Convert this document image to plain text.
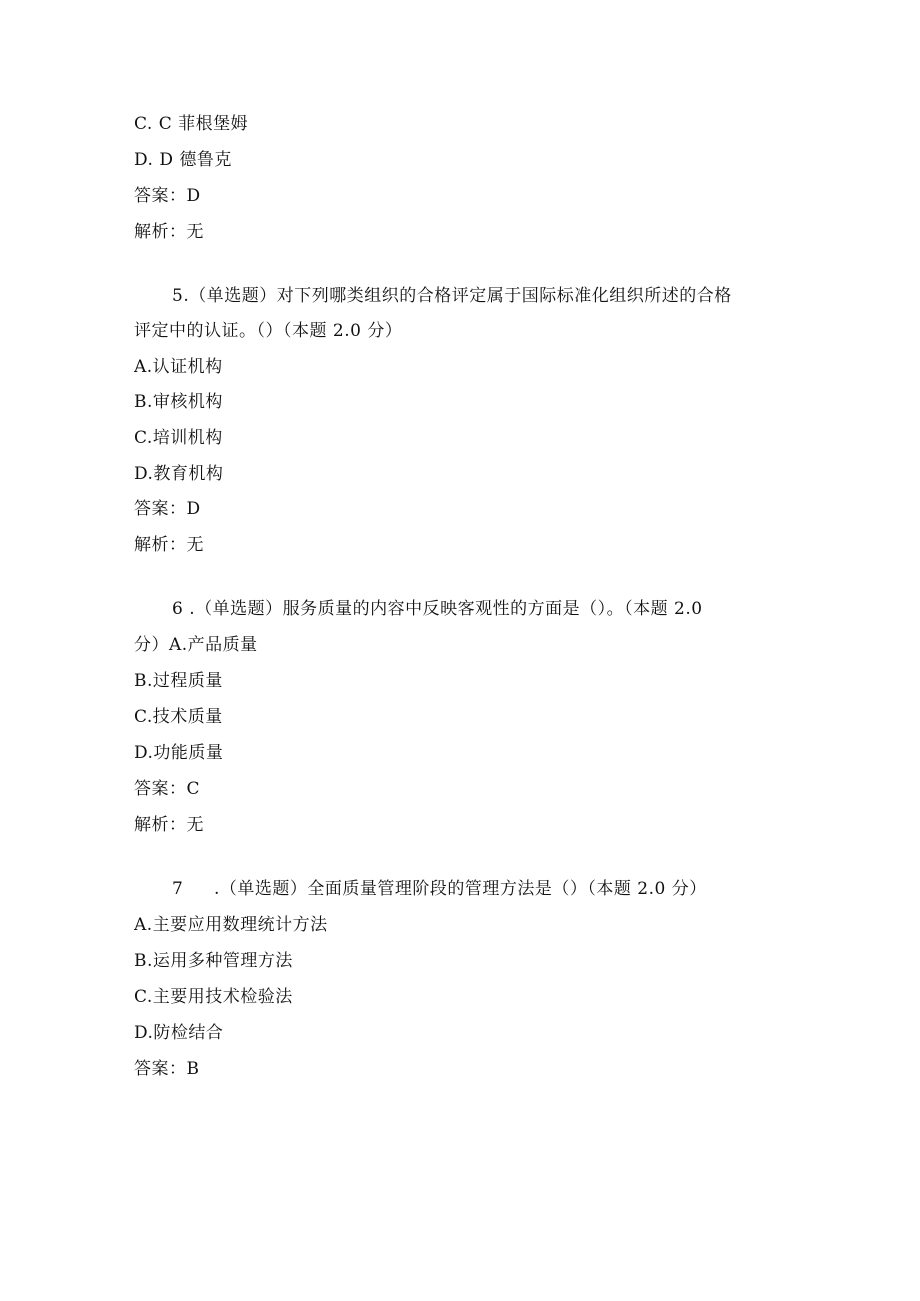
C. C 菲根堡姆
D. D 德鲁克
答案：D
解析：无
5.（单选题）对下列哪类组织的合格评定属于国际标准化组织所述的合格
评定中的认证。（）（本题 2.0 分）
A.认证机构
B.审核机构
C.培训机构
D.教育机构
答案：D
解析：无
6 .（单选题）服务质量的内容中反映客观性的方面是（）。（本题 2.0
分）A.产品质量
B.过程质量
C.技术质量
D.功能质量
答案：C
解析：无
7 .（单选题）全面质量管理阶段的管理方法是（）（本题 2.0 分）
A.主要应用数理统计方法
B.运用多种管理方法
C.主要用技术检验法
D.防检结合
答案：B
